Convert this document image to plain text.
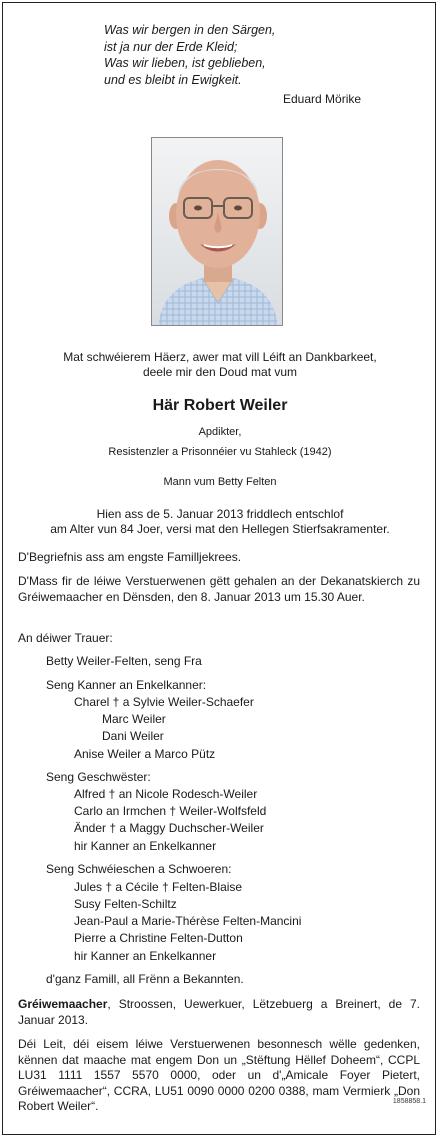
Was wir bergen in den Särgen,
ist ja nur der Erde Kleid;
Was wir lieben, ist geblieben,
und es bleibt in Ewigkeit.
Eduard Mörike
Mat schwéierem Häerz, awer mat vill Léift an Dankbarkeet,
deele mir den Doud mat vum
Här Robert Weiler
Apdikter,
Resistenzler a Prisonnéier vu Stahleck (1942)
Mann vum Betty Felten
Hien ass de 5. Januar 2013 friddlech entschlof
am Alter vun 84 Joer, versi mat den Hellegen Stierfsakramenter.
D'Begriefnis ass am engste Familljekrees.
D'Mass fir de léiwe Verstuerwenen gëtt gehalen an der Dekanatskierch zu Gréiwemaacher en Dënsden, den 8. Januar 2013 um 15.30 Auer.
An déiwer Trauer:
Betty Weiler-Felten, seng Fra
Seng Kanner an Enkelkanner:
Charel † a Sylvie Weiler-Schaefer
Marc Weiler
Dani Weiler
Anise Weiler a Marco Pütz
Seng Geschwëster:
Alfred † an Nicole Rodesch-Weiler
Carlo an Irmchen † Weiler-Wolfsfeld
Änder † a Maggy Duchscher-Weiler
hir Kanner an Enkelkanner
Seng Schwéieschen a Schwoeren:
Jules † a Cécile † Felten-Blaise
Susy Felten-Schiltz
Jean-Paul a Marie-Thérèse Felten-Mancini
Pierre a Christine Felten-Dutton
hir Kanner an Enkelkanner
d'ganz Famill, all Frënn a Bekannten.
Gréiwemaacher, Stroossen, Uewerkuer, Lëtzebuerg a Breinert, de 7. Januar 2013.
Déi Leit, déi eisem léiwe Verstuerwenen besonnesch wëlle gedenken, kënnen dat maache mat engem Don un „Stëftung Hëllef Doheem“, CCPL LU31 1111 1557 5570 0000, oder un d'„Amicale Foyer Pietert, Gréiwemaacher“, CCRA, LU51 0090 0000 0200 0388, mam Vermierk „Don Robert Weiler“.	1858858.1
